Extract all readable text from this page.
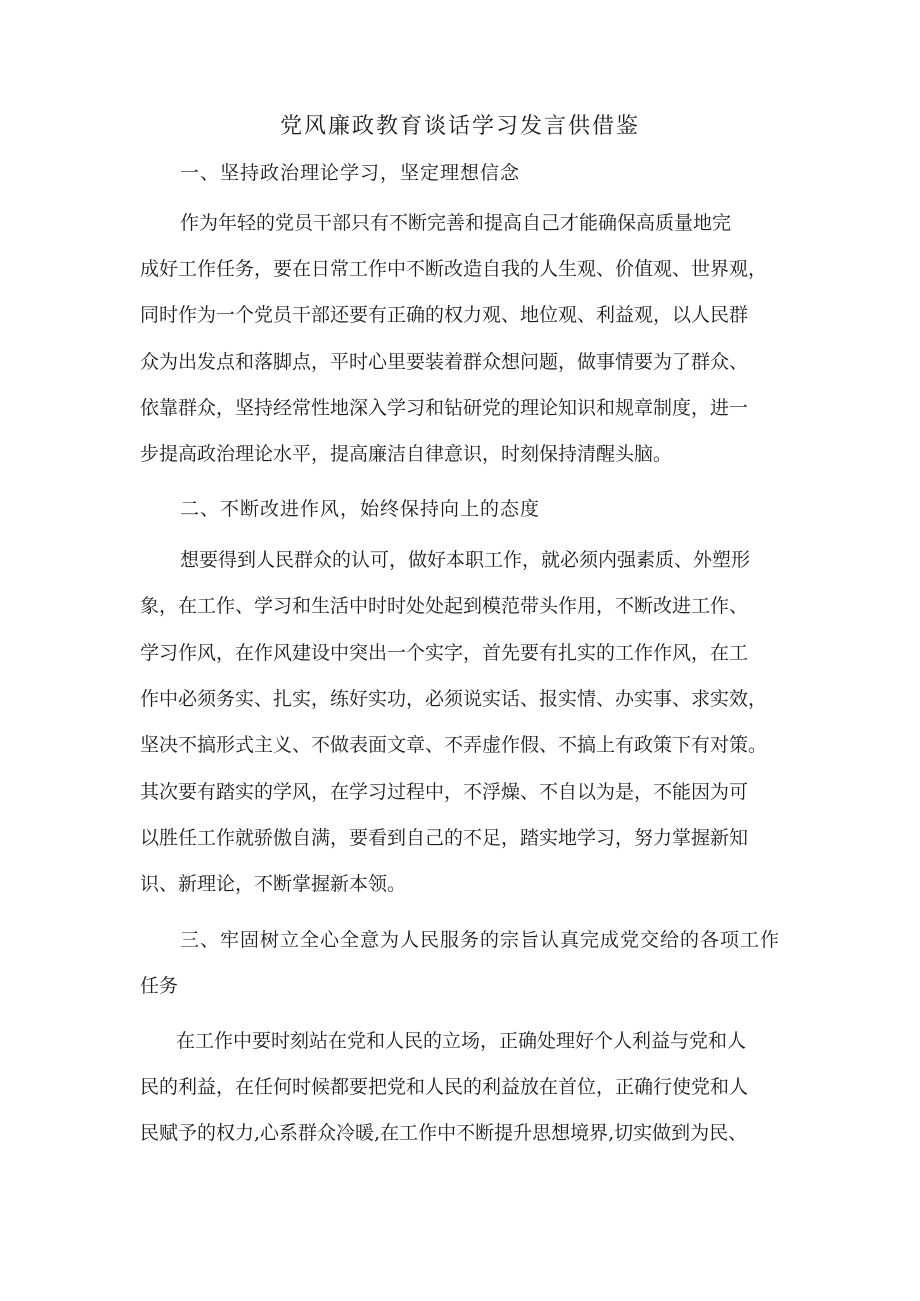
党风廉政教育谈话学习发言供借鉴
一、坚持政治理论学习，坚定理想信念
作为年轻的党员干部只有不断完善和提高自己才能确保高质量地完
成好工作任务，要在日常工作中不断改造自我的人生观、价值观、世界观，
同时作为一个党员干部还要有正确的权力观、地位观、利益观，以人民群
众为出发点和落脚点，平时心里要装着群众想问题，做事情要为了群众、
依靠群众，坚持经常性地深入学习和钻研党的理论知识和规章制度，进一
步提高政治理论水平，提高廉洁自律意识，时刻保持清醒头脑。
二、不断改进作风，始终保持向上的态度
想要得到人民群众的认可，做好本职工作，就必须内强素质、外塑形
象，在工作、学习和生活中时时处处起到模范带头作用，不断改进工作、
学习作风，在作风建设中突出一个实字，首先要有扎实的工作作风，在工
作中必须务实、扎实，练好实功，必须说实话、报实情、办实事、求实效，
坚决不搞形式主义、不做表面文章、不弄虚作假、不搞上有政策下有对策。
其次要有踏实的学风，在学习过程中，不浮燥、不自以为是，不能因为可
以胜任工作就骄傲自满，要看到自己的不足，踏实地学习，努力掌握新知
识、新理论，不断掌握新本领。
三、牢固树立全心全意为人民服务的宗旨认真完成党交给的各项工作
任务
在工作中要时刻站在党和人民的立场，正确处理好个人利益与党和人
民的利益，在任何时候都要把党和人民的利益放在首位，正确行使党和人
民赋予的权力,心系群众冷暖,在工作中不断提升思想境界,切实做到为民、
